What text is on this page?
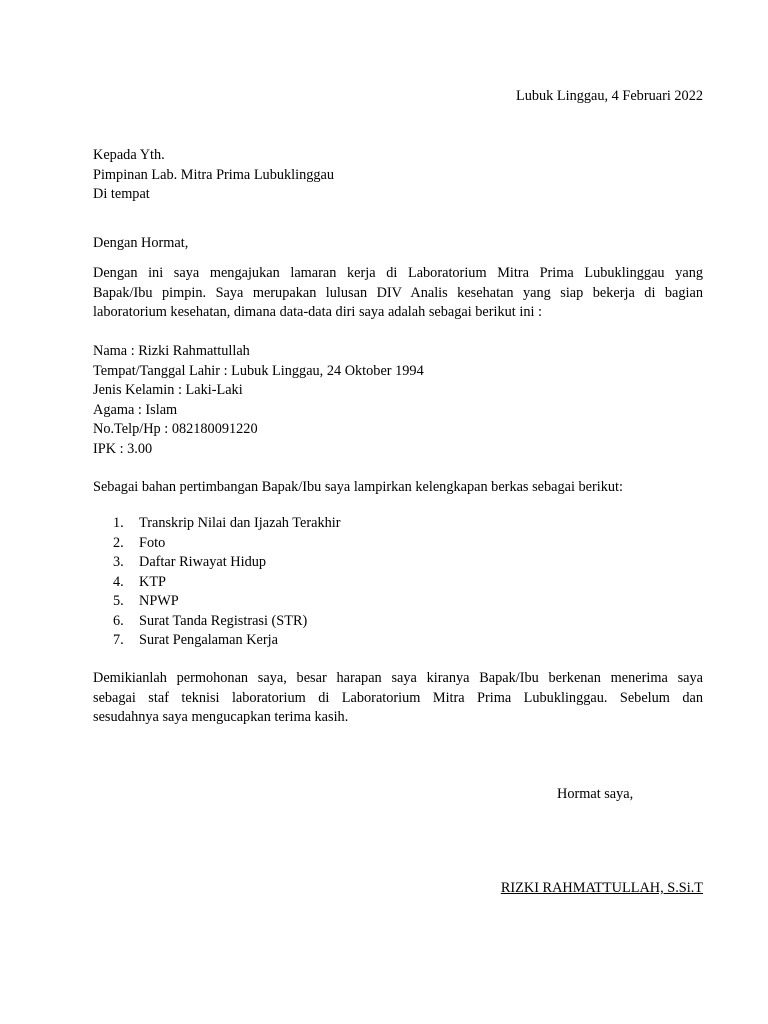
Lubuk Linggau, 4 Februari 2022
Kepada Yth.
Pimpinan Lab. Mitra Prima Lubuklinggau
Di tempat
Dengan Hormat,
Dengan ini saya mengajukan lamaran kerja di Laboratorium Mitra Prima Lubuklinggau yang
Bapak/Ibu pimpin. Saya merupakan lulusan DIV Analis kesehatan yang siap bekerja di bagian
laboratorium kesehatan, dimana data-data diri saya adalah sebagai berikut ini :
Nama : Rizki Rahmattullah
Tempat/Tanggal Lahir : Lubuk Linggau, 24 Oktober 1994
Jenis Kelamin : Laki-Laki
Agama : Islam
No.Telp/Hp : 082180091220
IPK : 3.00
Sebagai bahan pertimbangan Bapak/Ibu saya lampirkan kelengkapan berkas sebagai berikut:
1. Transkrip Nilai dan Ijazah Terakhir
2. Foto
3. Daftar Riwayat Hidup
4. KTP
5. NPWP
6. Surat Tanda Registrasi (STR)
7. Surat Pengalaman Kerja
Demikianlah permohonan saya, besar harapan saya kiranya Bapak/Ibu berkenan menerima saya
sebagai staf teknisi laboratorium di Laboratorium Mitra Prima Lubuklinggau. Sebelum dan
sesudahnya saya mengucapkan terima kasih.
Hormat saya,
RIZKI RAHMATTULLAH, S.Si.T
